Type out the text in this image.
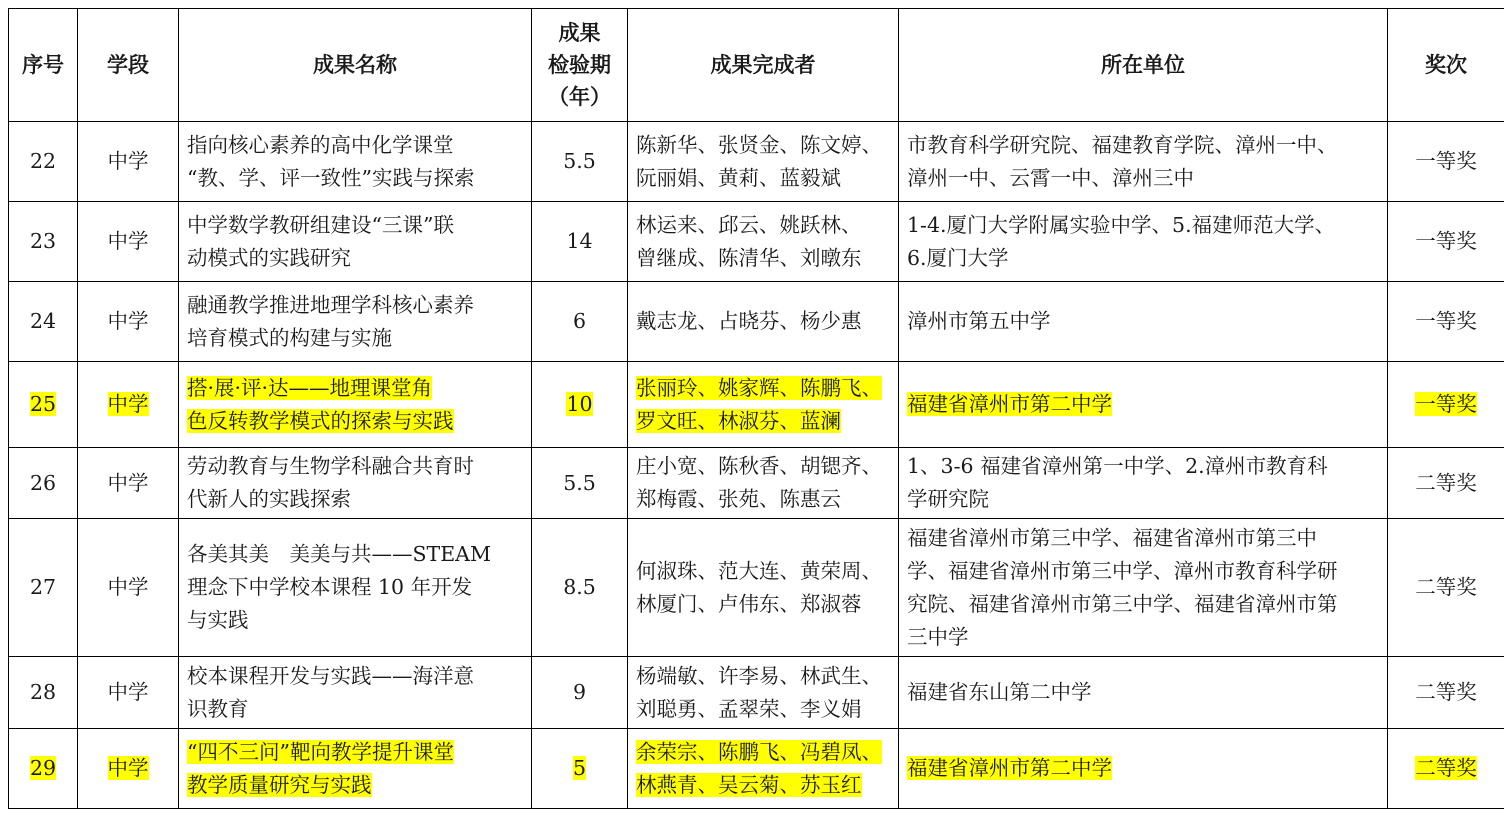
序号	学段	成果名称	成果
检验期
（年）	成果完成者	所在单位	奖次
22	中学	指向核心素养的高中化学课堂
“教、学、评一致性”实践与探索	5.5	陈新华、张贤金、陈文婷、
阮丽娟、黄莉、蓝毅斌	市教育科学研究院、福建教育学院、漳州一中、
漳州一中、云霄一中、漳州三中	一等奖
23	中学	中学数学教研组建设“三课”联
动模式的实践研究	14	林运来、邱云、姚跃林、
曾继成、陈清华、刘暾东	1-4.厦门大学附属实验中学、5.福建师范大学、
6.厦门大学	一等奖
24	中学	融通教学推进地理学科核心素养
培育模式的构建与实施	6	戴志龙、占晓芬、杨少惠	漳州市第五中学	一等奖
25	中学	搭·展·评·达——地理课堂角
色反转教学模式的探索与实践	10	张丽玲、姚家辉、陈鹏飞、
罗文旺、林淑芬、蓝澜	福建省漳州市第二中学	一等奖
26	中学	劳动教育与生物学科融合共育时
代新人的实践探索	5.5	庄小宽、陈秋香、胡锶齐、
郑梅霞、张苑、陈惠云	1、3-6 福建省漳州第一中学、2.漳州市教育科
学研究院	二等奖
27	中学	各美其美　美美与共——STEAM
理念下中学校本课程 10 年开发
与实践	8.5	何淑珠、范大连、黄荣周、
林厦门、卢伟东、郑淑蓉	福建省漳州市第三中学、福建省漳州市第三中
学、福建省漳州市第三中学、漳州市教育科学研
究院、福建省漳州市第三中学、福建省漳州市第
三中学	二等奖
28	中学	校本课程开发与实践——海洋意
识教育	9	杨端敏、许李易、林武生、
刘聪勇、孟翠荣、李义娟	福建省东山第二中学	二等奖
29	中学	“四不三问”靶向教学提升课堂
教学质量研究与实践	5	余荣宗、陈鹏飞、冯碧凤、
林燕青、吴云菊、苏玉红	福建省漳州市第二中学	二等奖
